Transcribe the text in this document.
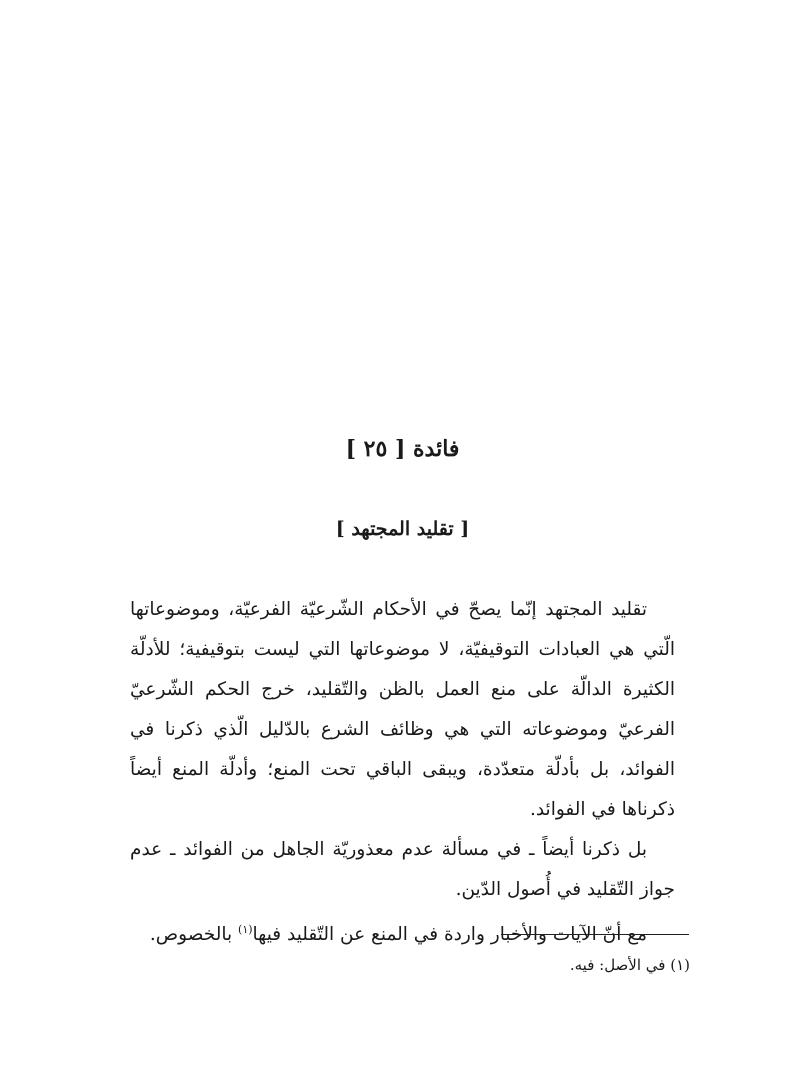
فائدة [ ٢٥ ]
[ تقليد المجتهد ]

تقليد المجتهد إنّما يصحّ في الأحكام الشّرعيّة الفرعيّة، وموضوعاتها الّتي هي العبادات التوقيفيّة، لا موضوعاتها التي ليست بتوقيفية؛ للأدلّة الكثيرة الدالّة على منع العمل بالظن والتّقليد، خرج الحكم الشّرعيّ الفرعيّ وموضوعاته التي هي وظائف الشرع بالدّليل الّذي ذكرنا في الفوائد، بل بأدلّة متعدّدة، ويبقى الباقي تحت المنع؛ وأدلّة المنع أيضاً ذكرناها في الفوائد.

بل ذكرنا أيضاً ـ في مسألة عدم معذوريّة الجاهل من الفوائد ـ عدم جواز التّقليد في أُصول الدّين.

مع أنّ الآيات والأخبار واردة في المنع عن التّقليد فيها$^{(١)}$ بالخصوص.

(١) في الأصل: فيه.
